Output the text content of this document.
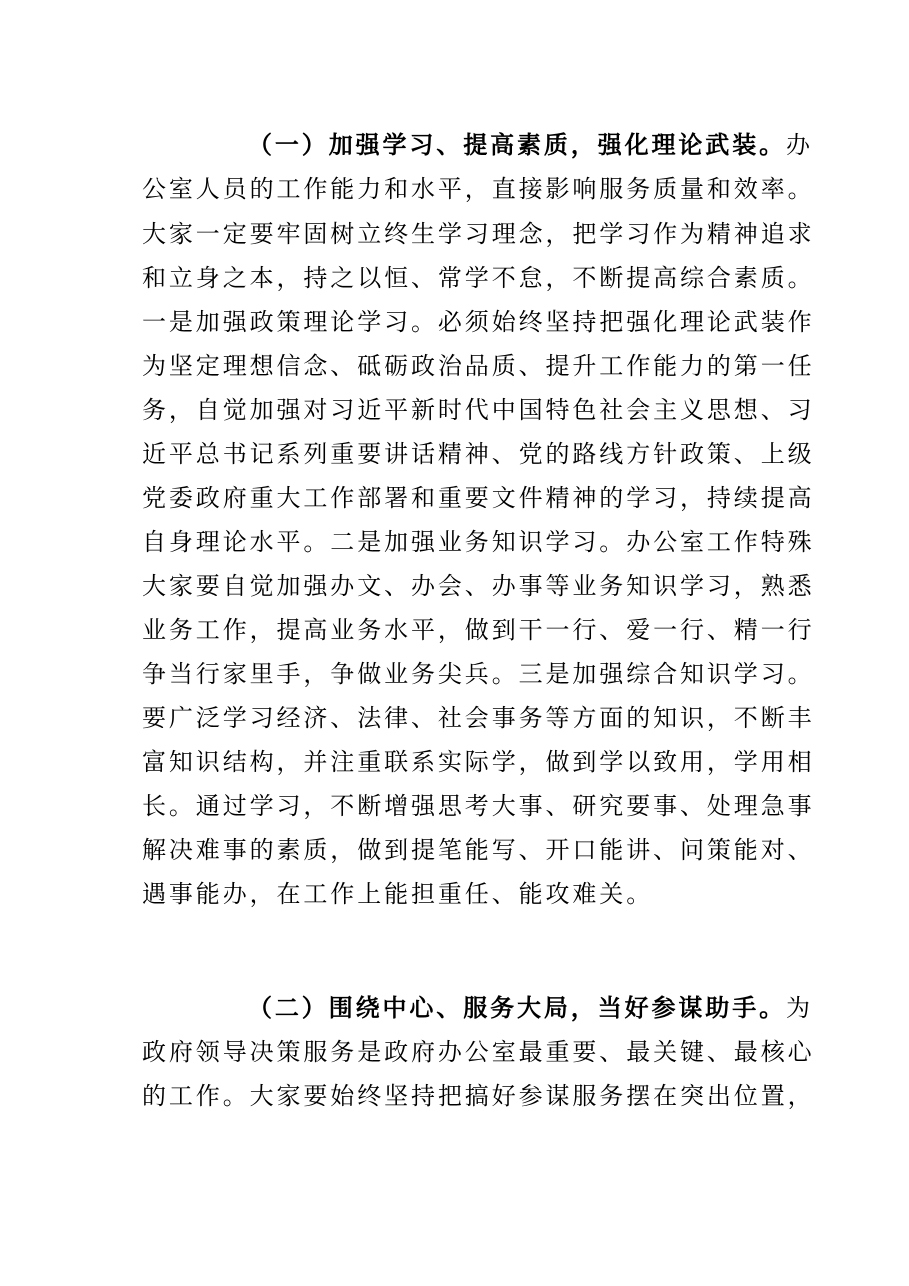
（一）加强学习、提高素质，强化理论武装。办
公室人员的工作能力和水平，直接影响服务质量和效率。
大家一定要牢固树立终生学习理念，把学习作为精神追求
和立身之本，持之以恒、常学不怠，不断提高综合素质。
一是加强政策理论学习。必须始终坚持把强化理论武装作
为坚定理想信念、砥砺政治品质、提升工作能力的第一任
务，自觉加强对习近平新时代中国特色社会主义思想、习
近平总书记系列重要讲话精神、党的路线方针政策、上级
党委政府重大工作部署和重要文件精神的学习，持续提高
自身理论水平。二是加强业务知识学习。办公室工作特殊
大家要自觉加强办文、办会、办事等业务知识学习，熟悉
业务工作，提高业务水平，做到干一行、爱一行、精一行
争当行家里手，争做业务尖兵。三是加强综合知识学习。
要广泛学习经济、法律、社会事务等方面的知识，不断丰
富知识结构，并注重联系实际学，做到学以致用，学用相
长。通过学习，不断增强思考大事、研究要事、处理急事
解决难事的素质，做到提笔能写、开口能讲、问策能对、
遇事能办，在工作上能担重任、能攻难关。
（二）围绕中心、服务大局，当好参谋助手。为
政府领导决策服务是政府办公室最重要、最关键、最核心
的工作。大家要始终坚持把搞好参谋服务摆在突出位置，
